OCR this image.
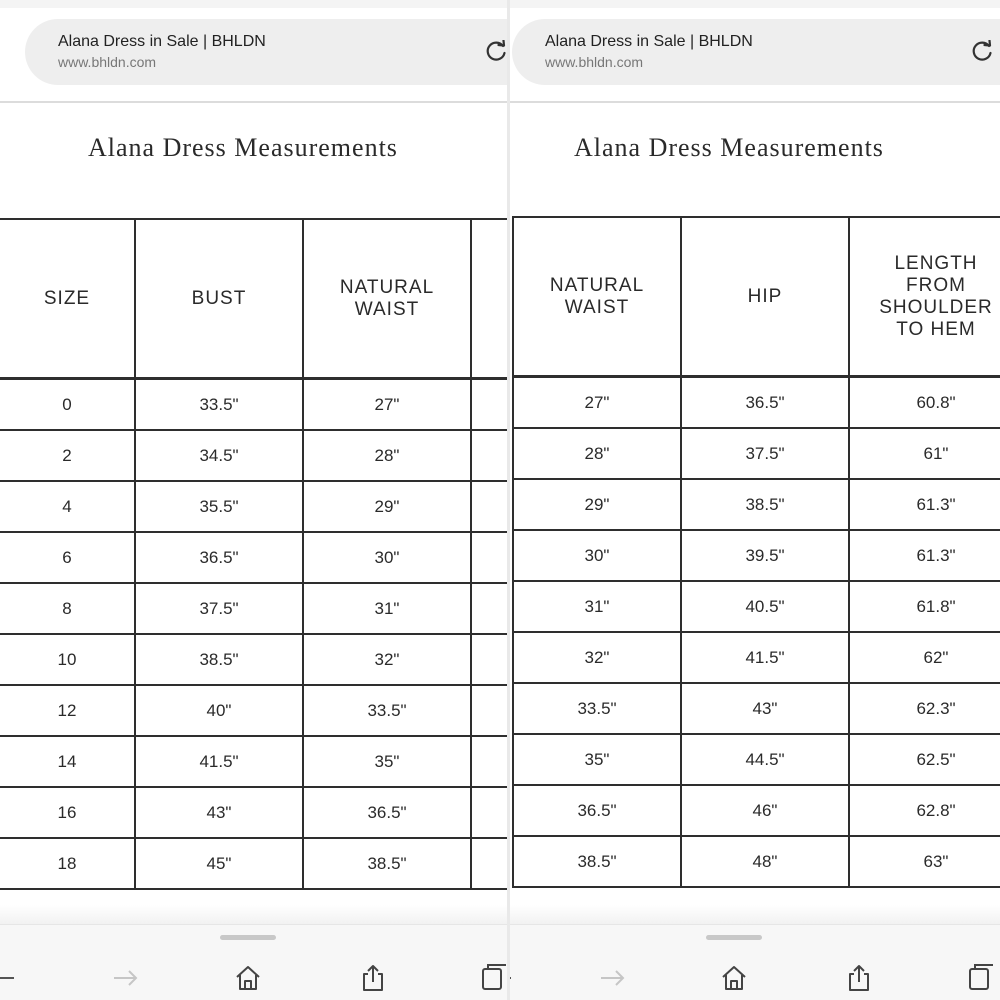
Alana Dress in Sale | BHLDN
www.bhldn.com
Alana Dress Measurements
SIZE	BUST	NATURAL WAIST	

0	33.5"	27"	
2	34.5"	28"	
4	35.5"	29"	
6	36.5"	30"	
8	37.5"	31"	
10	38.5"	32"	
12	40"	33.5"	
14	41.5"	35"	
16	43"	36.5"	
18	45"	38.5"	
Alana Dress in Sale | BHLDN
www.bhldn.com
Alana Dress Measurements
NATURAL WAIST	HIP	LENGTH FROM SHOULDER TO HEM

27"	36.5"	60.8"
28"	37.5"	61"
29"	38.5"	61.3"
30"	39.5"	61.3"
31"	40.5"	61.8"
32"	41.5"	62"
33.5"	43"	62.3"
35"	44.5"	62.5"
36.5"	46"	62.8"
38.5"	48"	63"
